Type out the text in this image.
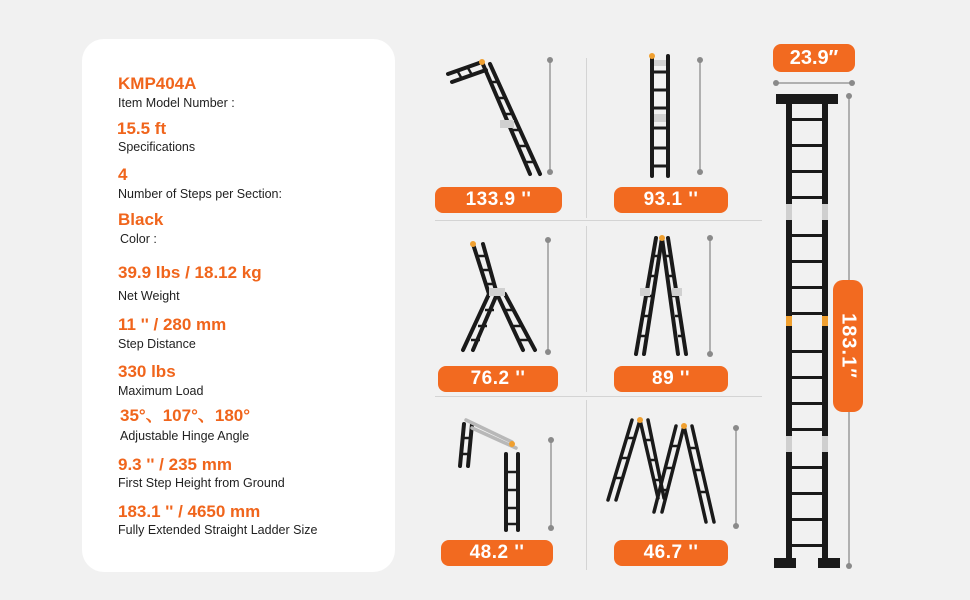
KMP404A
Item Model Number :
15.5 ft
Specifications
4
Number of Steps per Section:
Black
Color :
39.9 lbs / 18.12 kg
Net Weight
11 '' / 280 mm
Step Distance
330 lbs
Maximum Load
35°、107°、180°
Adjustable Hinge Angle
9.3 '' / 235 mm
First Step Height from Ground
183.1 '' / 4650 mm
Fully Extended Straight Ladder Size
133.9 ''	93.1 ''
76.2 ''	89 ''
48.2 ''	46.7 ''
23.9″
183.1″
